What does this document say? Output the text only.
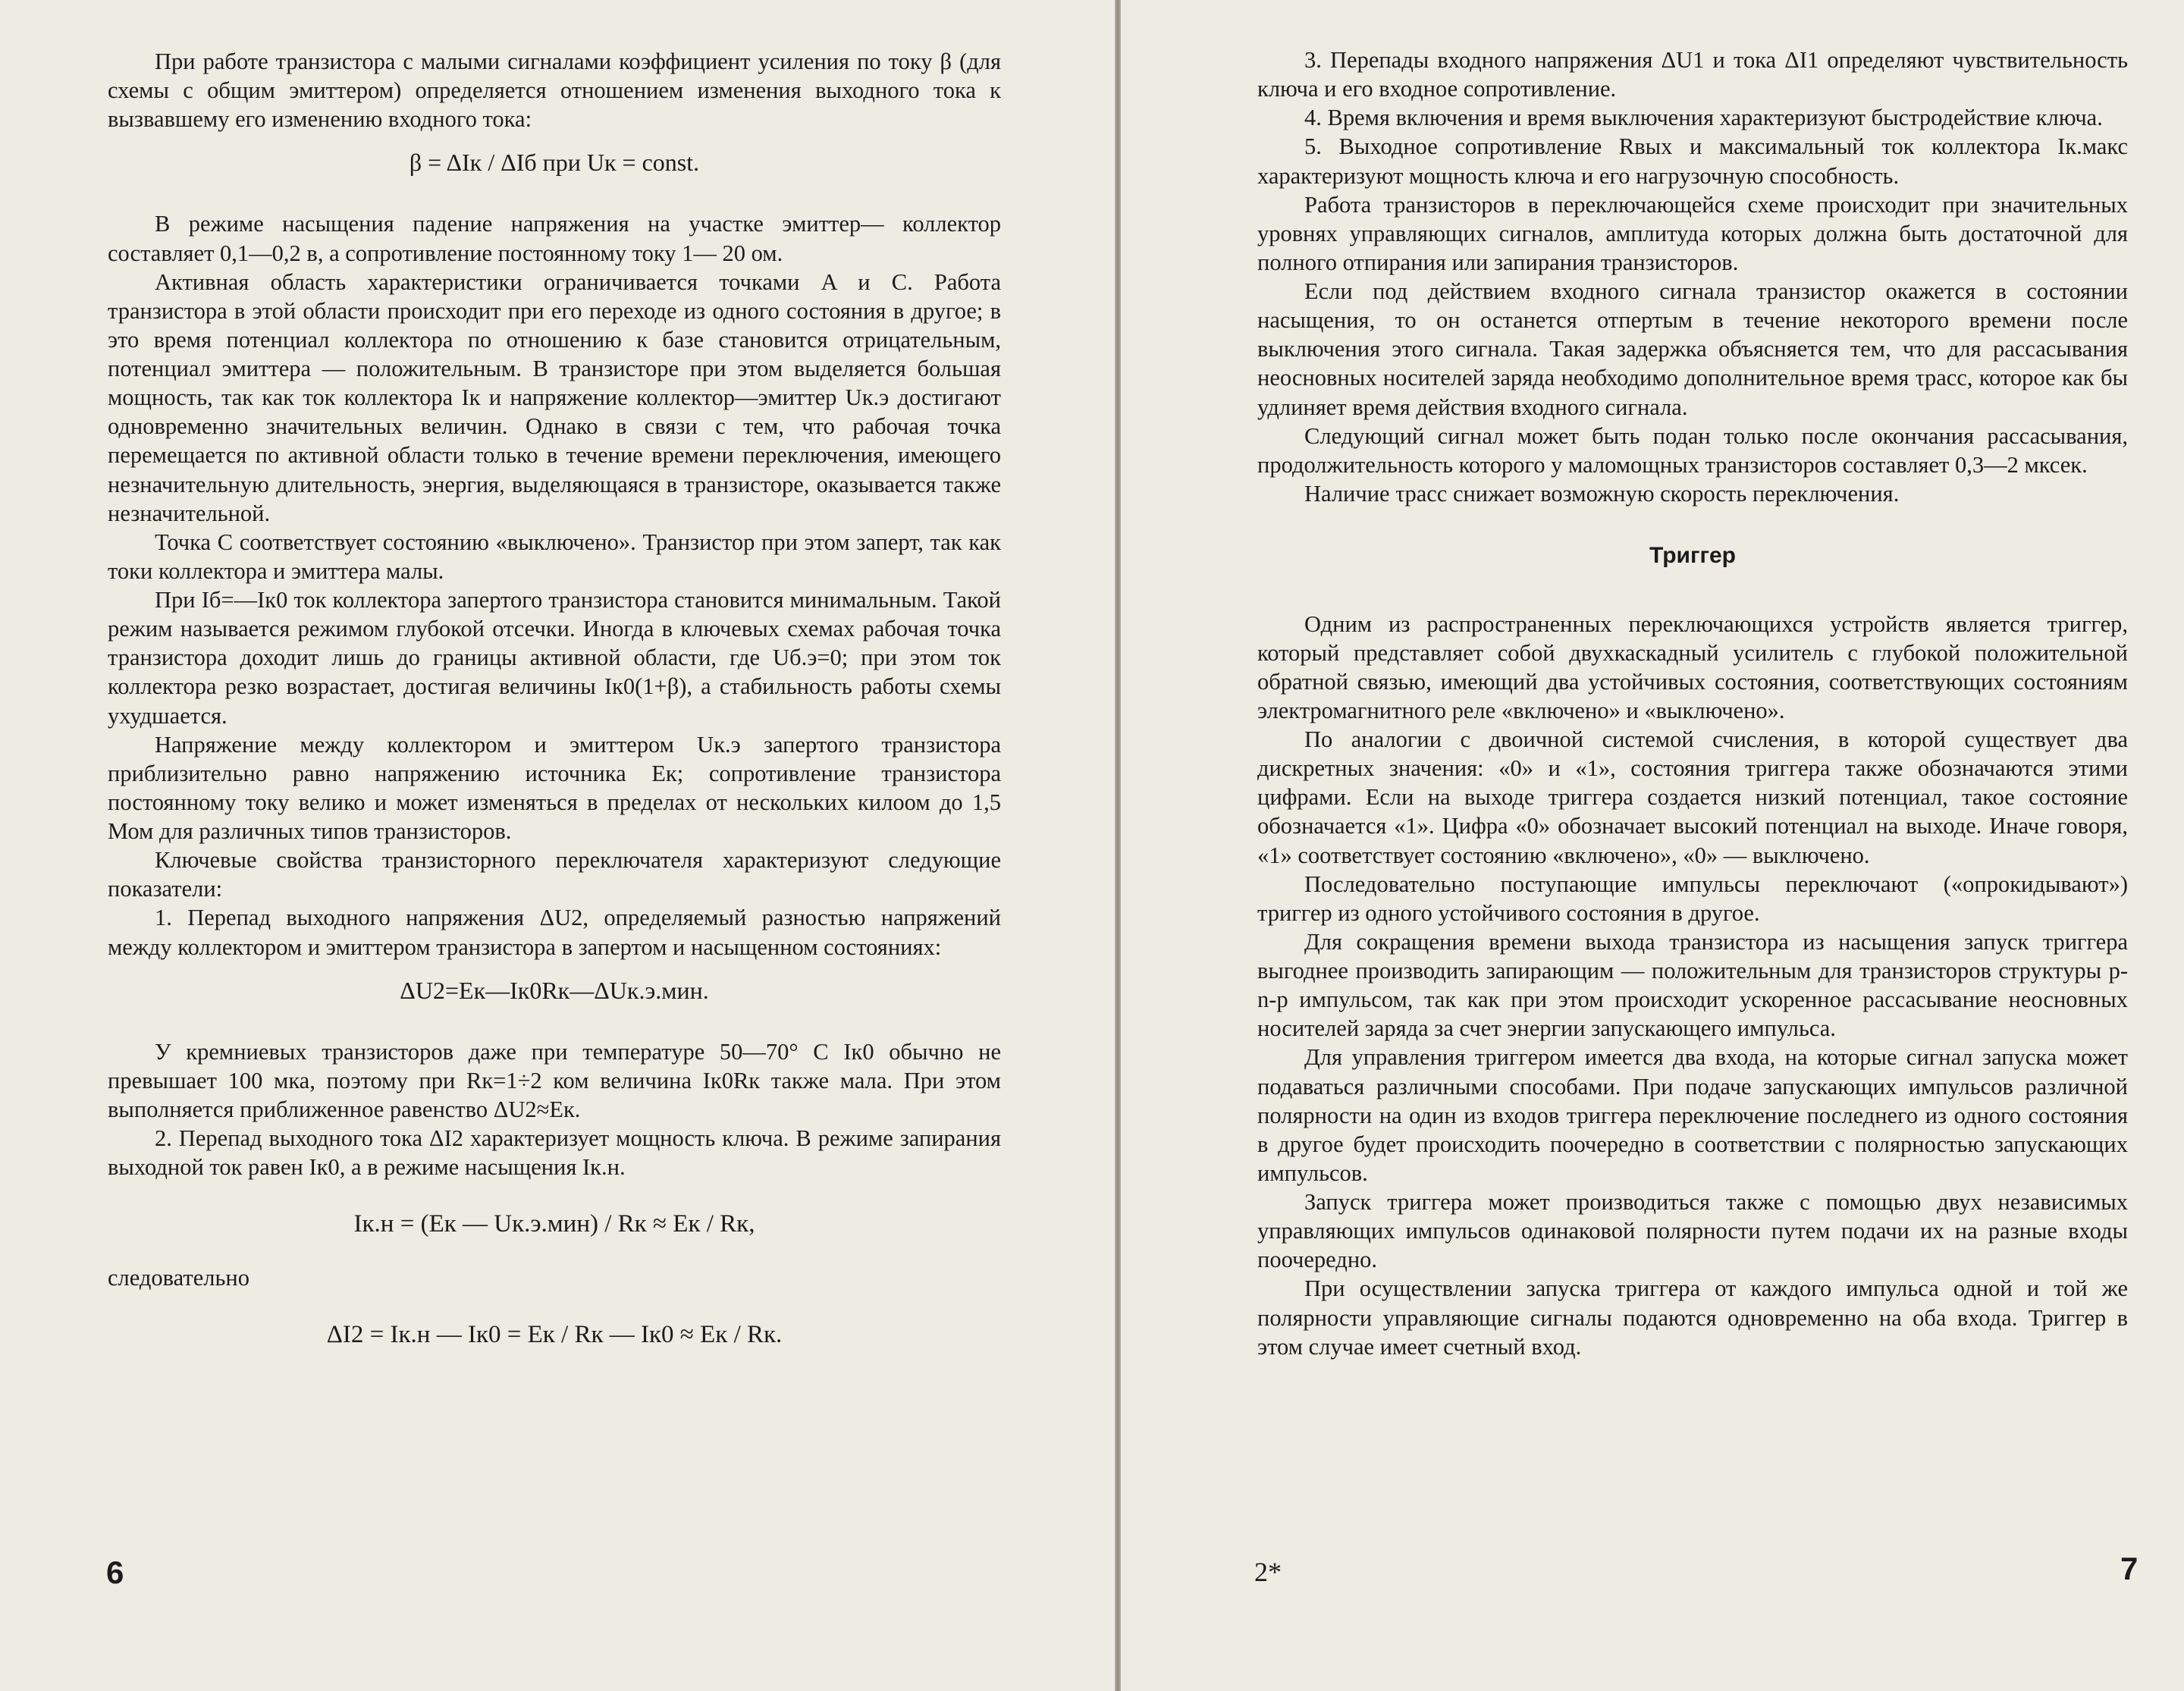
При работе транзистора с малыми сигналами коэффициент усиления по току β (для схемы с общим эмиттером) определяется отношением изменения выходного тока к вызвавшему его изменению входного тока:

β = ΔIк / ΔIб при Uк = const.

В режиме насыщения падение напряжения на участке эмиттер— коллектор составляет 0,1—0,2 в, а сопротивление постоянному току 1— 20 ом.

Активная область характеристики ограничивается точками A и C. Работа транзистора в этой области происходит при его переходе из одного состояния в другое; в это время потенциал коллектора по отношению к базе становится отрицательным, потенциал эмиттера — положительным. В транзисторе при этом выделяется большая мощность, так как ток коллектора Iк и напряжение коллектор—эмиттер Uк.э достигают одновременно значительных величин. Однако в связи с тем, что рабочая точка перемещается по активной области только в течение времени переключения, имеющего незначительную длительность, энергия, выделяющаяся в транзисторе, оказывается также незначительной.

Точка C соответствует состоянию «выключено». Транзистор при этом заперт, так как токи коллектора и эмиттера малы.

При Iб=—Iк0 ток коллектора запертого транзистора становится минимальным. Такой режим называется режимом глубокой отсечки. Иногда в ключевых схемах рабочая точка транзистора доходит лишь до границы активной области, где Uб.э=0; при этом ток коллектора резко возрастает, достигая величины Iк0(1+β), а стабильность работы схемы ухудшается.

Напряжение между коллектором и эмиттером Uк.э запертого транзистора приблизительно равно напряжению источника Eк; сопротивление транзистора постоянному току велико и может изменяться в пределах от нескольких килоом до 1,5 Мом для различных типов транзисторов.

Ключевые свойства транзисторного переключателя характеризуют следующие показатели:

1. Перепад выходного напряжения ΔU2, определяемый разностью напряжений между коллектором и эмиттером транзистора в запертом и насыщенном состояниях:

ΔU2=Eк—Iк0Rк—ΔUк.э.мин.

У кремниевых транзисторов даже при температуре 50—70° C Iк0 обычно не превышает 100 мка, поэтому при Rк=1÷2 ком величина Iк0Rк также мала. При этом выполняется приближенное равенство ΔU2≈Eк.

2. Перепад выходного тока ΔI2 характеризует мощность ключа. В режиме запирания выходной ток равен Iк0, а в режиме насыщения Iк.н.

Iк.н = (Eк — Uк.э.мин) / Rк ≈ Eк / Rк,

следовательно

ΔI2 = Iк.н — Iк0 = Eк / Rк — Iк0 ≈ Eк / Rк.
6

3. Перепады входного напряжения ΔU1 и тока ΔI1 определяют чувствительность ключа и его входное сопротивление.

4. Время включения и время выключения характеризуют быстродействие ключа.

5. Выходное сопротивление Rвых и максимальный ток коллектора Iк.макс характеризуют мощность ключа и его нагрузочную способность.

Работа транзисторов в переключающейся схеме происходит при значительных уровнях управляющих сигналов, амплитуда которых должна быть достаточной для полного отпирания или запирания транзисторов.

Если под действием входного сигнала транзистор окажется в состоянии насыщения, то он останется отпертым в течение некоторого времени после выключения этого сигнала. Такая задержка объясняется тем, что для рассасывания неосновных носителей заряда необходимо дополнительное время τрасс, которое как бы удлиняет время действия входного сигнала.

Следующий сигнал может быть подан только после окончания рассасывания, продолжительность которого у маломощных транзисторов составляет 0,3—2 мксек.

Наличие τрасс снижает возможную скорость переключения.

Триггер

Одним из распространенных переключающихся устройств является триггер, который представляет собой двухкаскадный усилитель с глубокой положительной обратной связью, имеющий два устойчивых состояния, соответствующих состояниям электромагнитного реле «включено» и «выключено».

По аналогии с двоичной системой счисления, в которой существует два дискретных значения: «0» и «1», состояния триггера также обозначаются этими цифрами. Если на выходе триггера создается низкий потенциал, такое состояние обозначается «1». Цифра «0» обозначает высокий потенциал на выходе. Иначе говоря, «1» соответствует состоянию «включено», «0» — выключено.

Последовательно поступающие импульсы переключают («опрокидывают») триггер из одного устойчивого состояния в другое.

Для сокращения времени выхода транзистора из насыщения запуск триггера выгоднее производить запирающим — положительным для транзисторов структуры p-n-p импульсом, так как при этом происходит ускоренное рассасывание неосновных носителей заряда за счет энергии запускающего импульса.

Для управления триггером имеется два входа, на которые сигнал запуска может подаваться различными способами. При подаче запускающих импульсов различной полярности на один из входов триггера переключение последнего из одного состояния в другое будет происходить поочередно в соответствии с полярностью запускающих импульсов.

Запуск триггера может производиться также с помощью двух независимых управляющих импульсов одинаковой полярности путем подачи их на разные входы поочередно.

При осуществлении запуска триггера от каждого импульса одной и той же полярности управляющие сигналы подаются одновременно на оба входа. Триггер в этом случае имеет счетный вход.

2*	7
